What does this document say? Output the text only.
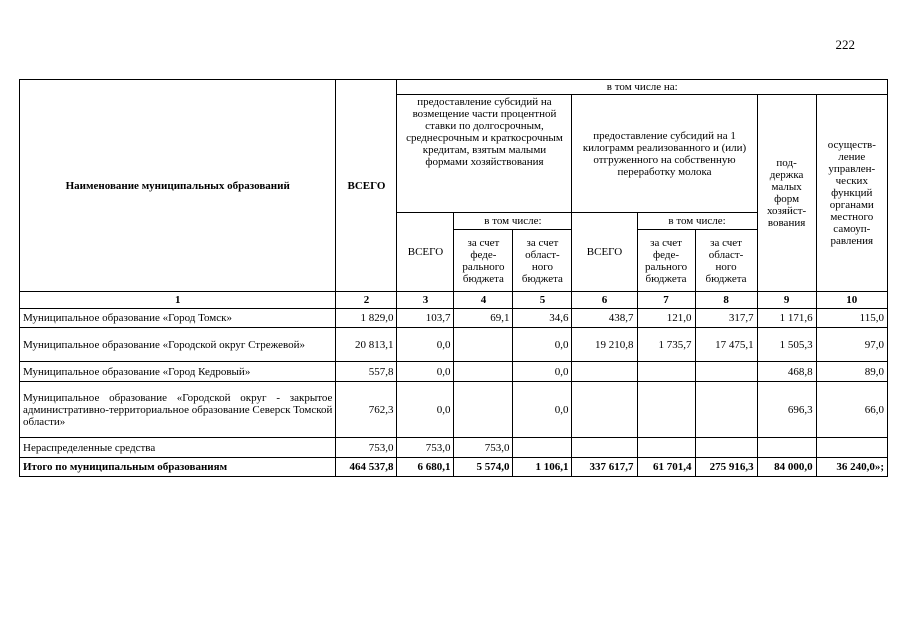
222
Наименование муниципальных образований	ВСЕГО	в том числе на:							
		предоставление субсидий на возмещение части процентной ставки по долгосрочным, среднесрочным и краткосрочным кредитам, взятым малыми формами хозяйствования			предоставление субсидий на 1 килограмм реализованного и (или) отгруженного на собственную переработку молока			под-держка малых форм хозяйст-вования	осуществ-ление управлен-ческих функций органами местного самоуп-равления
		ВСЕГО	в том числе:		ВСЕГО	в том числе:			
			за счет феде-рального бюджета	за счет област-ного бюджета		за счет феде-рального бюджета	за счет област-ного бюджета		
1	2	3	4	5	6	7	8	9	10
Муниципальное образование «Город Томск»	1 829,0	103,7	69,1	34,6	438,7	121,0	317,7	1 171,6	115,0
Муниципальное образование «Городской округ Стрежевой»	20 813,1	0,0		0,0	19 210,8	1 735,7	17 475,1	1 505,3	97,0
Муниципальное образование «Город Кедровый»	557,8	0,0		0,0				468,8	89,0
Муниципальное образование «Городской округ - закрытое административно-территориальное образование Северск Томской области»	762,3	0,0		0,0				696,3	66,0
Нераспределенные средства	753,0	753,0	753,0						
Итого по муниципальным образованиям	464 537,8	6 680,1	5 574,0	1 106,1	337 617,7	61 701,4	275 916,3	84 000,0	36 240,0»;
